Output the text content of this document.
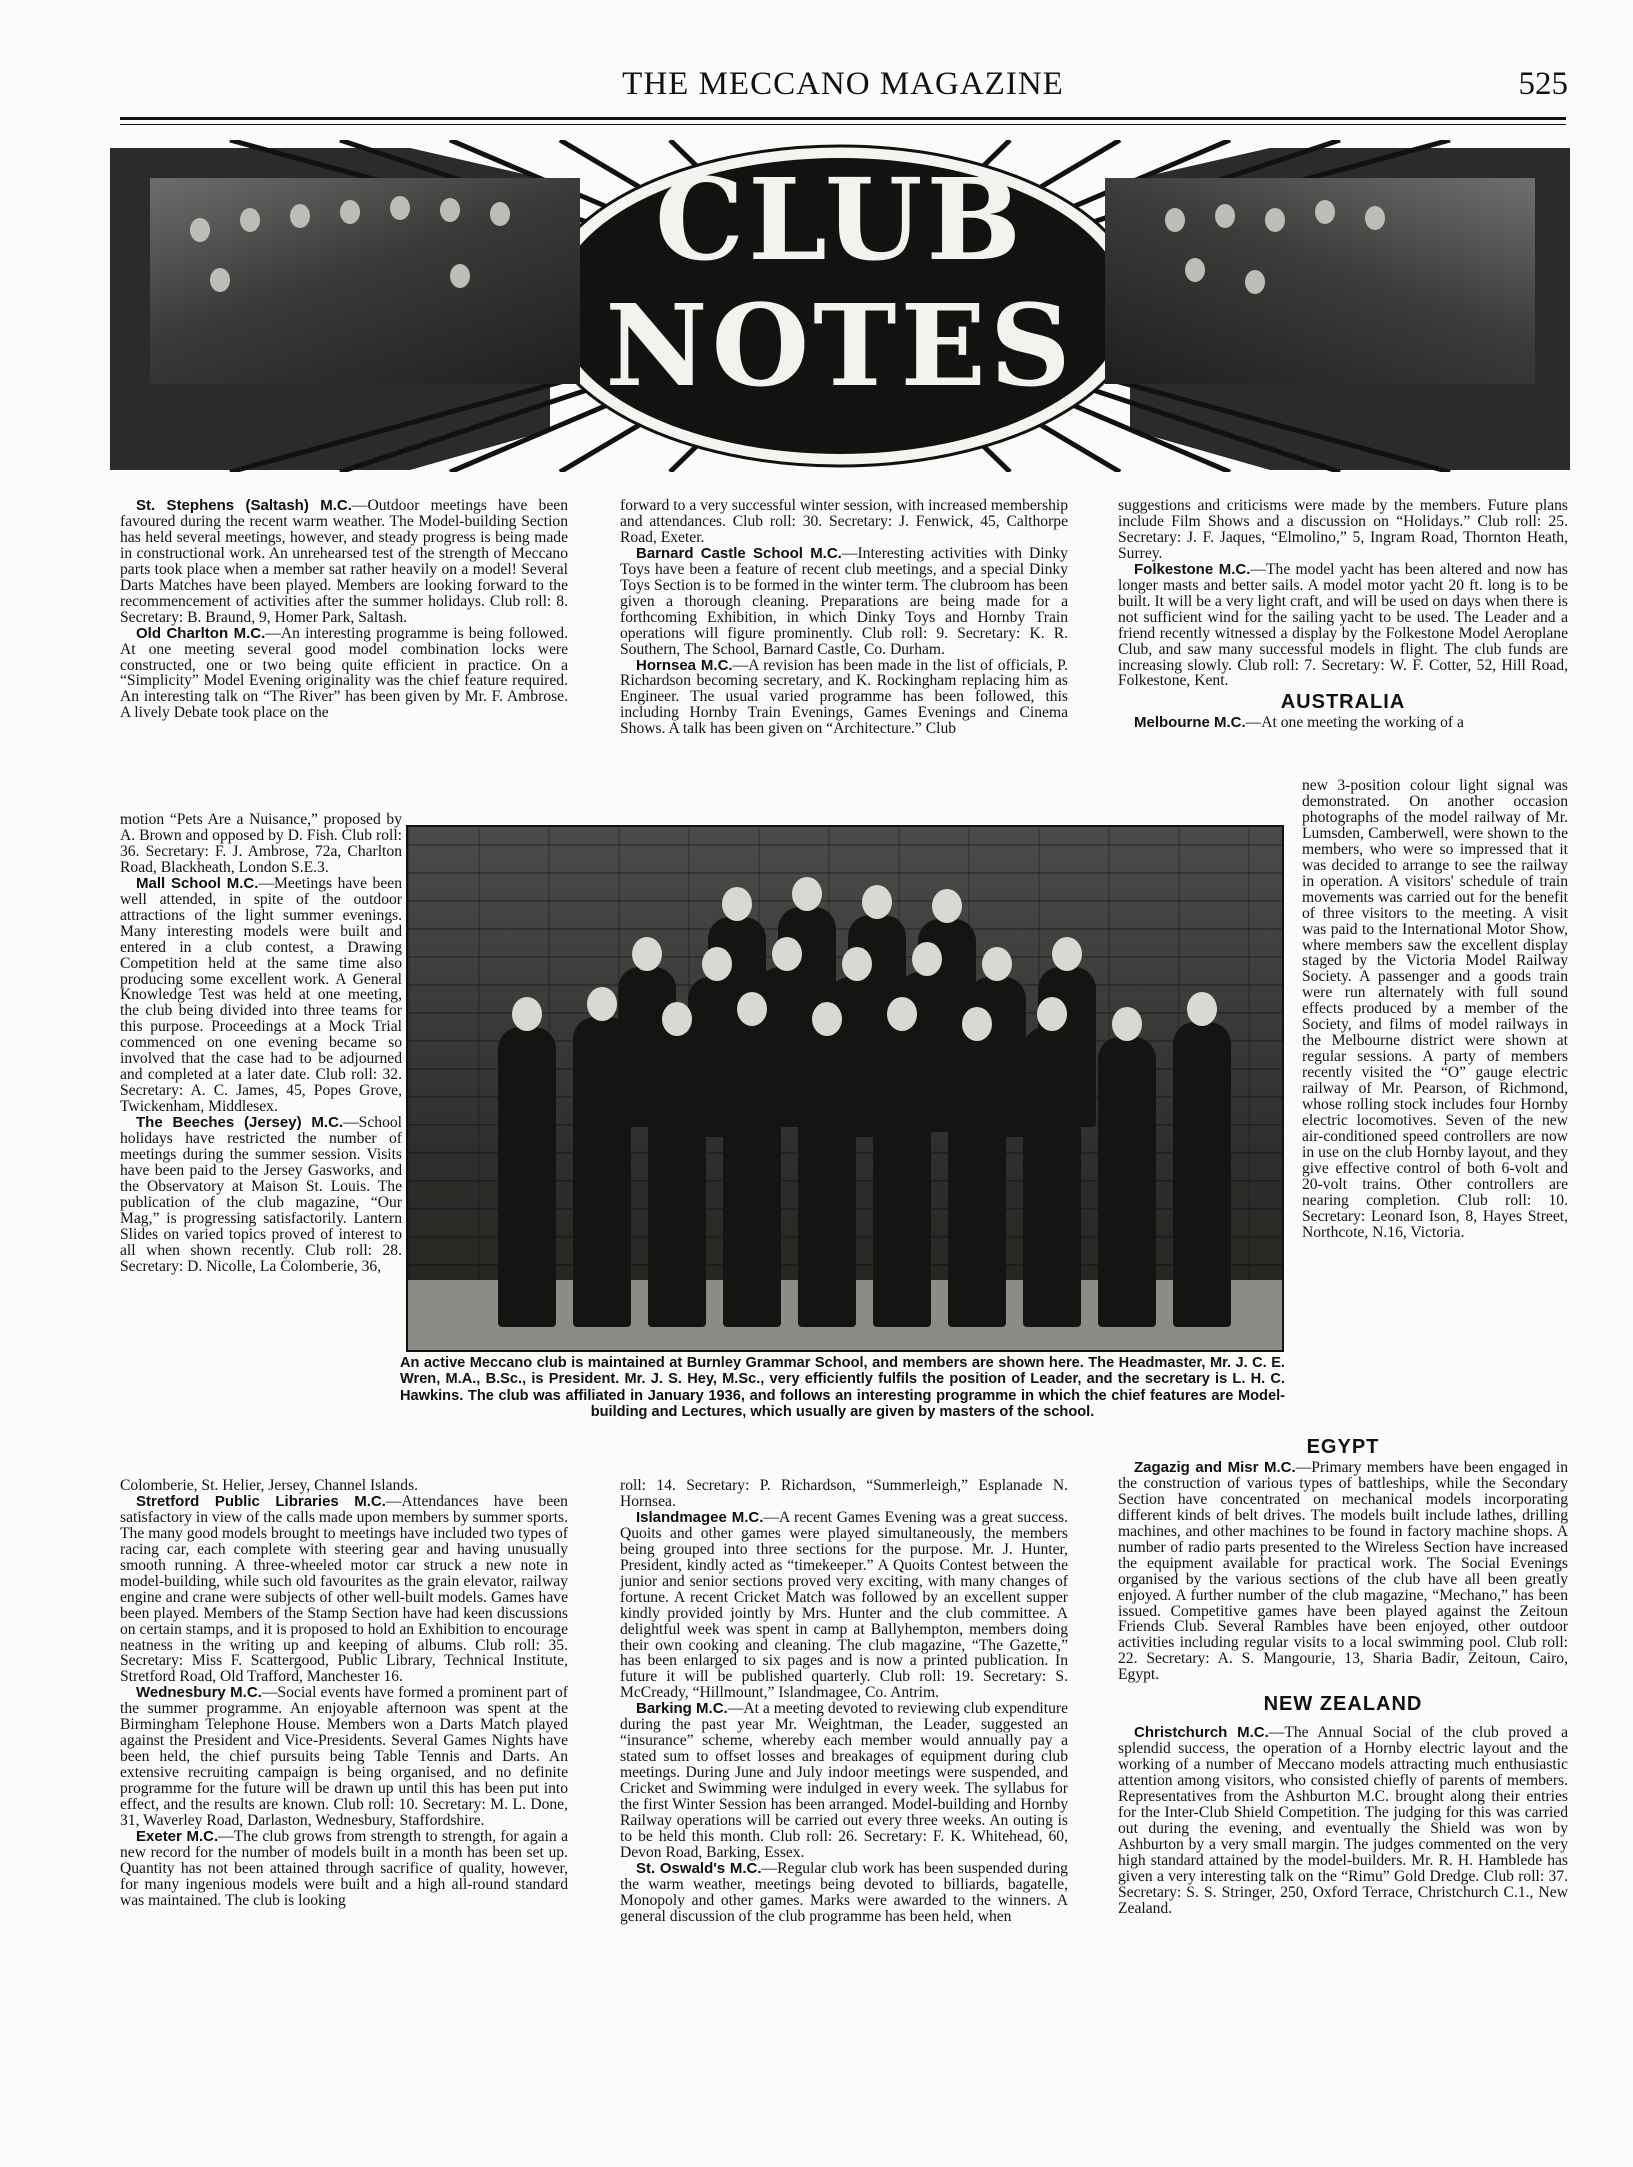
THE MECCANO MAGAZINE	525
CLUB
NOTES

St. Stephens (Saltash) M.C.—Outdoor meetings have been favoured during the recent warm weather. The Model-building Section has held several meetings, however, and steady progress is being made in constructional work. An unrehearsed test of the strength of Meccano parts took place when a member sat rather heavily on a model! Several Darts Matches have been played. Members are looking forward to the recommencement of activities after the summer holidays. Club roll: 8. Secretary: B. Braund, 9, Homer Park, Saltash.

Old Charlton M.C.—An interesting programme is being followed. At one meeting several good model combination locks were constructed, one or two being quite efficient in practice. On a “Simplicity” Model Evening originality was the chief feature required. An interesting talk on “The River” has been given by Mr. F. Ambrose. A lively Debate took place on the

motion “Pets Are a Nuisance,” proposed by A. Brown and opposed by D. Fish. Club roll: 36. Secretary: F. J. Ambrose, 72a, Charlton Road, Blackheath, London S.E.3.

Mall School M.C.—Meetings have been well attended, in spite of the outdoor attractions of the light summer evenings. Many interesting models were built and entered in a club contest, a Drawing Competition held at the same time also producing some excellent work. A General Knowledge Test was held at one meeting, the club being divided into three teams for this purpose. Proceedings at a Mock Trial commenced on one evening became so involved that the case had to be adjourned and completed at a later date. Club roll: 32. Secretary: A. C. James, 45, Popes Grove, Twickenham, Middlesex.

The Beeches (Jersey) M.C.—School holidays have restricted the number of meetings during the summer session. Visits have been paid to the Jersey Gasworks, and the Observatory at Maison St. Louis. The publication of the club magazine, “Our Mag,” is progressing satisfactorily. Lantern Slides on varied topics proved of interest to all when shown recently. Club roll: 28. Secretary: D. Nicolle, La Colomberie, 36,

Colomberie, St. Helier, Jersey, Channel Islands.

Stretford Public Libraries M.C.—Attendances have been satisfactory in view of the calls made upon members by summer sports. The many good models brought to meetings have included two types of racing car, each complete with steering gear and having unusually smooth running. A three-wheeled motor car struck a new note in model-building, while such old favourites as the grain elevator, railway engine and crane were subjects of other well-built models. Games have been played. Members of the Stamp Section have had keen discussions on certain stamps, and it is proposed to hold an Exhibition to encourage neatness in the writing up and keeping of albums. Club roll: 35. Secretary: Miss F. Scattergood, Public Library, Technical Institute, Stretford Road, Old Trafford, Manchester 16.

Wednesbury M.C.—Social events have formed a prominent part of the summer programme. An enjoyable afternoon was spent at the Birmingham Telephone House. Members won a Darts Match played against the President and Vice-Presidents. Several Games Nights have been held, the chief pursuits being Table Tennis and Darts. An extensive recruiting campaign is being organised, and no definite programme for the future will be drawn up until this has been put into effect, and the results are known. Club roll: 10. Secretary: M. L. Done, 31, Waverley Road, Darlaston, Wednesbury, Staffordshire.

Exeter M.C.—The club grows from strength to strength, for again a new record for the number of models built in a month has been set up. Quantity has not been attained through sacrifice of quality, however, for many ingenious models were built and a high all-round standard was maintained. The club is looking

forward to a very successful winter session, with increased membership and attendances. Club roll: 30. Secretary: J. Fenwick, 45, Calthorpe Road, Exeter.

Barnard Castle School M.C.—Interesting activities with Dinky Toys have been a feature of recent club meetings, and a special Dinky Toys Section is to be formed in the winter term. The clubroom has been given a thorough cleaning. Preparations are being made for a forthcoming Exhibition, in which Dinky Toys and Hornby Train operations will figure prominently. Club roll: 9. Secretary: K. R. Southern, The School, Barnard Castle, Co. Durham.

Hornsea M.C.—A revision has been made in the list of officials, P. Richardson becoming secretary, and K. Rockingham replacing him as Engineer. The usual varied programme has been followed, this including Hornby Train Evenings, Games Evenings and Cinema Shows. A talk has been given on “Architecture.” Club

roll: 14. Secretary: P. Richardson, “Summerleigh,” Esplanade N. Hornsea.

Islandmagee M.C.—A recent Games Evening was a great success. Quoits and other games were played simultaneously, the members being grouped into three sections for the purpose. Mr. J. Hunter, President, kindly acted as “timekeeper.” A Quoits Contest between the junior and senior sections proved very exciting, with many changes of fortune. A recent Cricket Match was followed by an excellent supper kindly provided jointly by Mrs. Hunter and the club committee. A delightful week was spent in camp at Ballyhempton, members doing their own cooking and cleaning. The club magazine, “The Gazette,” has been enlarged to six pages and is now a printed publication. In future it will be published quarterly. Club roll: 19. Secretary: S. McCready, “Hillmount,” Islandmagee, Co. Antrim.

Barking M.C.—At a meeting devoted to reviewing club expenditure during the past year Mr. Weightman, the Leader, suggested an “insurance” scheme, whereby each member would annually pay a stated sum to offset losses and breakages of equipment during club meetings. During June and July indoor meetings were suspended, and Cricket and Swimming were indulged in every week. The syllabus for the first Winter Session has been arranged. Model-building and Hornby Railway operations will be carried out every three weeks. An outing is to be held this month. Club roll: 26. Secretary: F. K. Whitehead, 60, Devon Road, Barking, Essex.

St. Oswald's M.C.—Regular club work has been suspended during the warm weather, meetings being devoted to billiards, bagatelle, Monopoly and other games. Marks were awarded to the winners. A general discussion of the club programme has been held, when

suggestions and criticisms were made by the members. Future plans include Film Shows and a discussion on “Holidays.” Club roll: 25. Secretary: J. F. Jaques, “Elmolino,” 5, Ingram Road, Thornton Heath, Surrey.

Folkestone M.C.—The model yacht has been altered and now has longer masts and better sails. A model motor yacht 20 ft. long is to be built. It will be a very light craft, and will be used on days when there is not sufficient wind for the sailing yacht to be used. The Leader and a friend recently witnessed a display by the Folkestone Model Aeroplane Club, and saw many successful models in flight. The club funds are increasing slowly. Club roll: 7. Secretary: W. F. Cotter, 52, Hill Road, Folkestone, Kent.

AUSTRALIA

Melbourne M.C.—At one meeting the working of a

new 3-position colour light signal was demonstrated. On another occasion photographs of the model railway of Mr. Lumsden, Camberwell, were shown to the members, who were so impressed that it was decided to arrange to see the railway in operation. A visitors' schedule of train movements was carried out for the benefit of three visitors to the meeting. A visit was paid to the International Motor Show, where members saw the excellent display staged by the Victoria Model Railway Society. A passenger and a goods train were run alternately with full sound effects produced by a member of the Society, and films of model railways in the Melbourne district were shown at regular sessions. A party of members recently visited the “O” gauge electric railway of Mr. Pearson, of Richmond, whose rolling stock includes four Hornby electric locomotives. Seven of the new air-conditioned speed controllers are now in use on the club Hornby layout, and they give effective control of both 6-volt and 20-volt trains. Other controllers are nearing completion. Club roll: 10. Secretary: Leonard Ison, 8, Hayes Street, Northcote, N.16, Victoria.

EGYPT

Zagazig and Misr M.C.—Primary members have been engaged in the construction of various types of battleships, while the Secondary Section have concentrated on mechanical models incorporating different kinds of belt drives. The models built include lathes, drilling machines, and other machines to be found in factory machine shops. A number of radio parts presented to the Wireless Section have increased the equipment available for practical work. The Social Evenings organised by the various sections of the club have all been greatly enjoyed. A further number of the club magazine, “Mechano,” has been issued. Competitive games have been played against the Zeitoun Friends Club. Several Rambles have been enjoyed, other outdoor activities including regular visits to a local swimming pool. Club roll: 22. Secretary: A. S. Mangourie, 13, Sharia Badir, Zeitoun, Cairo, Egypt.

NEW ZEALAND

Christchurch M.C.—The Annual Social of the club proved a splendid success, the operation of a Hornby electric layout and the working of a number of Meccano models attracting much enthusiastic attention among visitors, who consisted chiefly of parents of members. Representatives from the Ashburton M.C. brought along their entries for the Inter-Club Shield Competition. The judging for this was carried out during the evening, and eventually the Shield was won by Ashburton by a very small margin. The judges commented on the very high standard attained by the model-builders. Mr. R. H. Hamblede has given a very interesting talk on the “Rimu” Gold Dredge. Club roll: 37. Secretary: S. S. Stringer, 250, Oxford Terrace, Christchurch C.1., New Zealand.

An active Meccano club is maintained at Burnley Grammar School, and members are shown here. The Headmaster, Mr. J. C. E. Wren, M.A., B.Sc., is President. Mr. J. S. Hey, M.Sc., very efficiently fulfils the position of Leader, and the secretary is L. H. C. Hawkins. The club was affiliated in January 1936, and follows an interesting programme in which the chief features are Model-building and Lectures, which usually are given by masters of the school.
